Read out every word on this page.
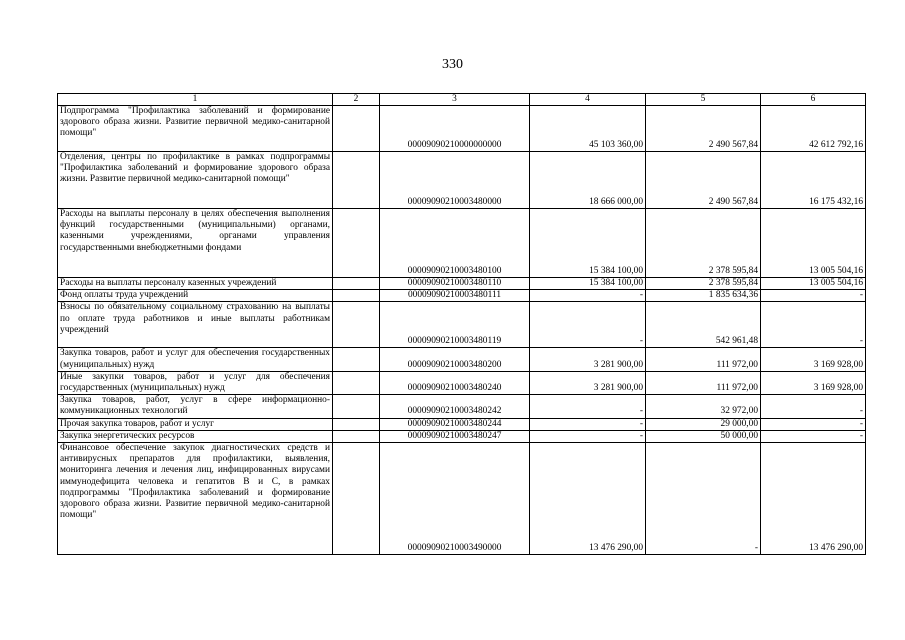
330
1	2	3	4	5	6
Подпрограмма "Профилактика заболеваний и формирование здорового образа жизни. Развитие первичной медико-санитарной помощи"		00009090210000000000	45 103 360,00	2 490 567,84	42 612 792,16
Отделения, центры по профилактике в рамках подпрограммы "Профилактика заболеваний и формирование здорового образа жизни. Развитие первичной медико-санитарной помощи"		00009090210003480000	18 666 000,00	2 490 567,84	16 175 432,16
Расходы на выплаты персоналу в целях обеспечения выполнения функций государственными (муниципальными) органами, казенными учреждениями, органами управления государственными внебюджетными фондами		00009090210003480100	15 384 100,00	2 378 595,84	13 005 504,16
Расходы на выплаты персоналу казенных учреждений		00009090210003480110	15 384 100,00	2 378 595,84	13 005 504,16
Фонд оплаты труда учреждений		00009090210003480111	-	1 835 634,36	-
Взносы по обязательному социальному страхованию на выплаты по оплате труда работников и иные выплаты работникам учреждений		00009090210003480119	-	542 961,48	-
Закупка товаров, работ и услуг для обеспечения государственных (муниципальных) нужд		00009090210003480200	3 281 900,00	111 972,00	3 169 928,00
Иные закупки товаров, работ и услуг для обеспечения государственных (муниципальных) нужд		00009090210003480240	3 281 900,00	111 972,00	3 169 928,00
Закупка товаров, работ, услуг в сфере информационно-коммуникационных технологий		00009090210003480242	-	32 972,00	-
Прочая закупка товаров, работ и услуг		00009090210003480244	-	29 000,00	-
Закупка энергетических ресурсов		00009090210003480247	-	50 000,00	-
Финансовое обеспечение закупок диагностических средств и антивирусных препаратов для профилактики, выявления, мониторинга лечения и лечения лиц, инфицированных вирусами иммунодефицита человека и гепатитов В и С, в рамках подпрограммы "Профилактика заболеваний и формирование здорового образа жизни. Развитие первичной медико-санитарной помощи"		00009090210003490000	13 476 290,00	-	13 476 290,00
